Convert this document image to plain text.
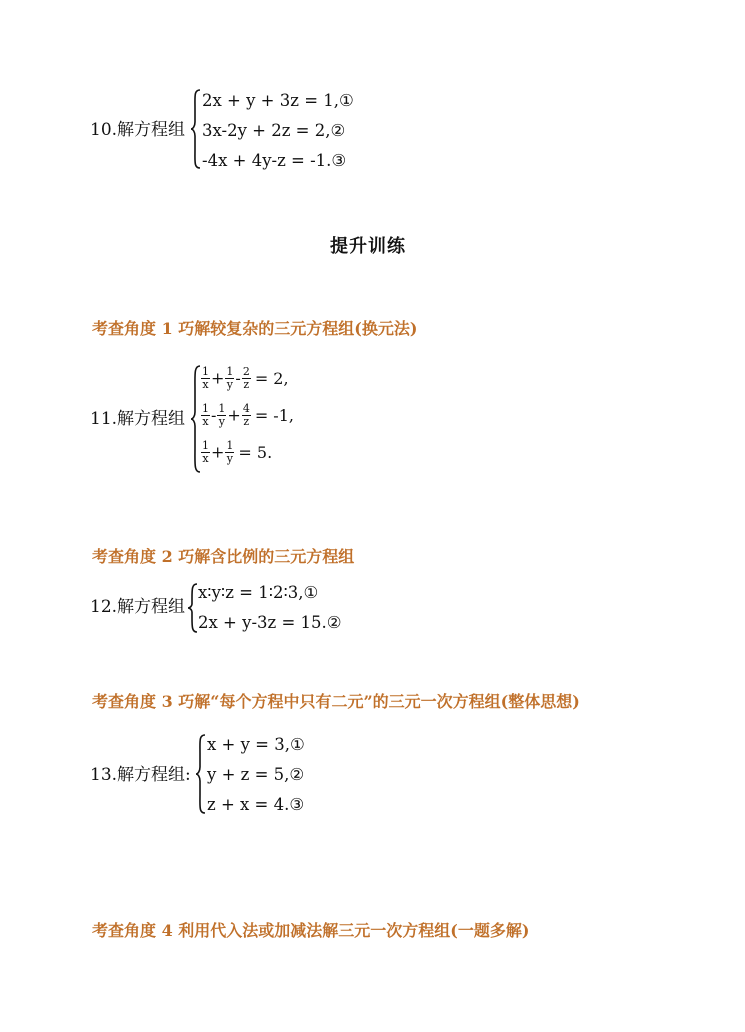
10.解方程组
2x + y + 3z = 1,①
3x-2y + 2z = 2,②
-4x + 4y-z = -1.③
提升训练
考查角度 1 巧解较复杂的三元方程组(换元法)
11.解方程组
$\frac{1}{x} + \frac{1}{y} - \frac{2}{z} = 2$,
$\frac{1}{x} - \frac{1}{y} + \frac{4}{z} = -1$,
$\frac{1}{x} + \frac{1}{y} = 5$.
考查角度 2 巧解含比例的三元方程组
12.解方程组
x∶y∶z = 1∶2∶3,①
2x + y-3z = 15.②
考查角度 3 巧解“每个方程中只有二元”的三元一次方程组(整体思想)
13.解方程组:
x + y = 3,①
y + z = 5,②
z + x = 4.③
考查角度 4 利用代入法或加减法解三元一次方程组(一题多解)
